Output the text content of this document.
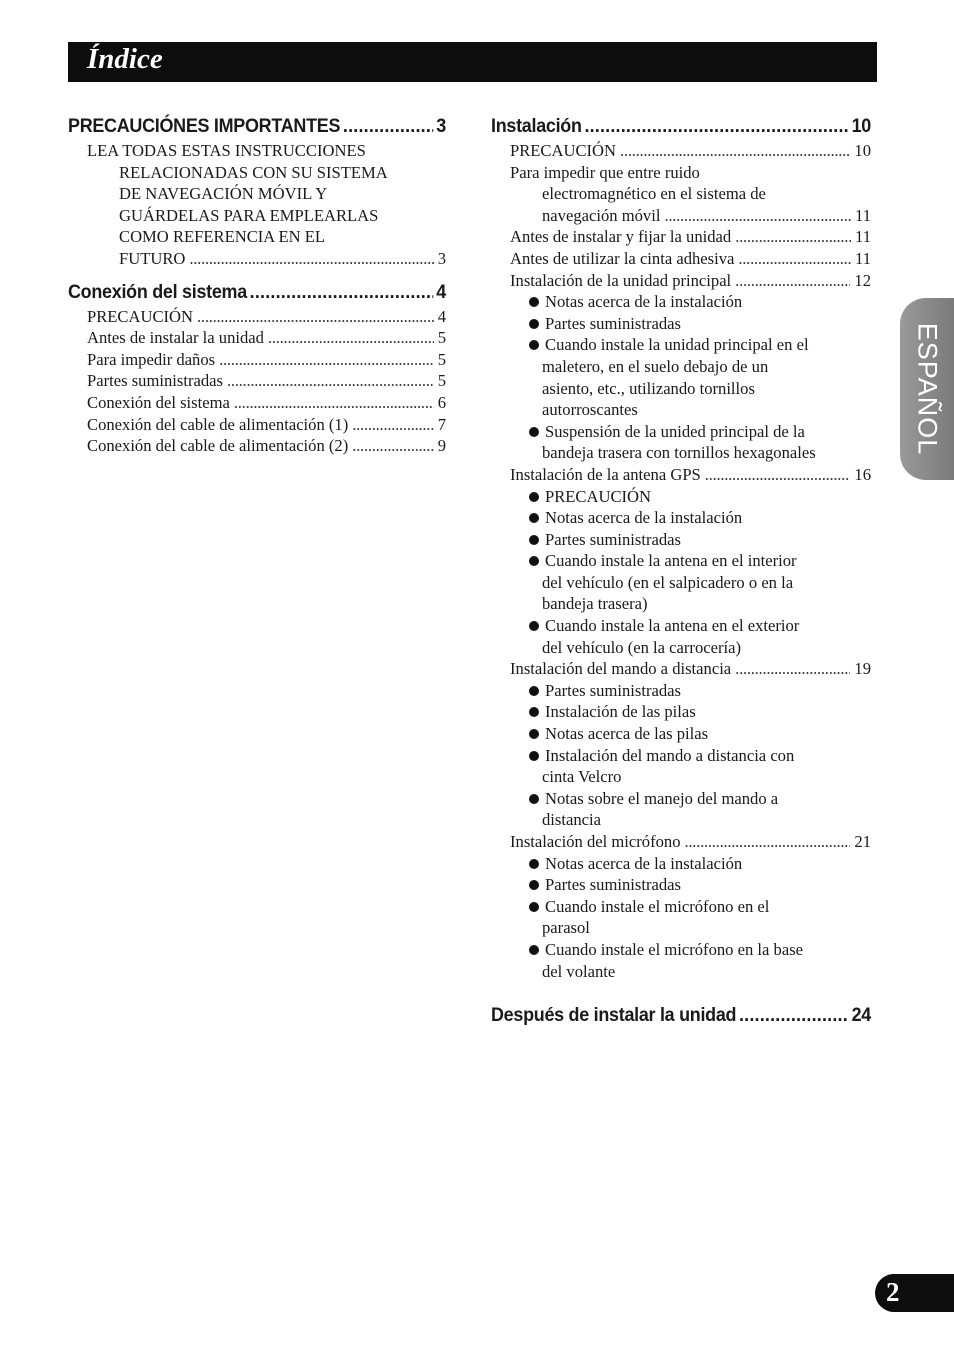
Índice
PRECAUCIÓNES IMPORTANTES . . .	3
LEA TODAS ESTAS INSTRUCCIONES
RELACIONADAS CON SU SISTEMA
DE NAVEGACIÓN MÓVIL Y
GUÁRDELAS PARA EMPLEARLAS
COMO REFERENCIA EN EL
FUTURO . . .	3
Conexión del sistema . . .	4
PRECAUCIÓN . . .	4
Antes de instalar la unidad . . .	5
Para impedir daños . . .	5
Partes suministradas . . .	5
Conexión del sistema . . .	6
Conexión del cable de alimentación (1) . . .	7
Conexión del cable de alimentación (2) . . .	9
Instalación . . .	10
PRECAUCIÓN . . .	10
Para impedir que entre ruido
electromagnético en el sistema de
navegación móvil . . .	11
Antes de instalar y fijar la unidad . . .	11
Antes de utilizar la cinta adhesiva . . .	11
Instalación de la unidad principal . . .	12
Notas acerca de la instalación
Partes suministradas
Cuando instale la unidad principal en el
maletero, en el suelo debajo de un
asiento, etc., utilizando tornillos
autorroscantes
Suspensión de la unided principal de la
bandeja trasera con tornillos hexagonales
Instalación de la antena GPS . . .	16
PRECAUCIÓN
Notas acerca de la instalación
Partes suministradas
Cuando instale la antena en el interior
del vehículo (en el salpicadero o en la
bandeja trasera)
Cuando instale la antena en el exterior
del vehículo (en la carrocería)
Instalación del mando a distancia . . .	19
Partes suministradas
Instalación de las pilas
Notas acerca de las pilas
Instalación del mando a distancia con
cinta Velcro
Notas sobre el manejo del mando a
distancia
Instalación del micrófono . . .	21
Notas acerca de la instalación
Partes suministradas
Cuando instale el micrófono en el
parasol
Cuando instale el micrófono en la base
del volante
Después de instalar la unidad . . .	24
ESPAÑOL
2
